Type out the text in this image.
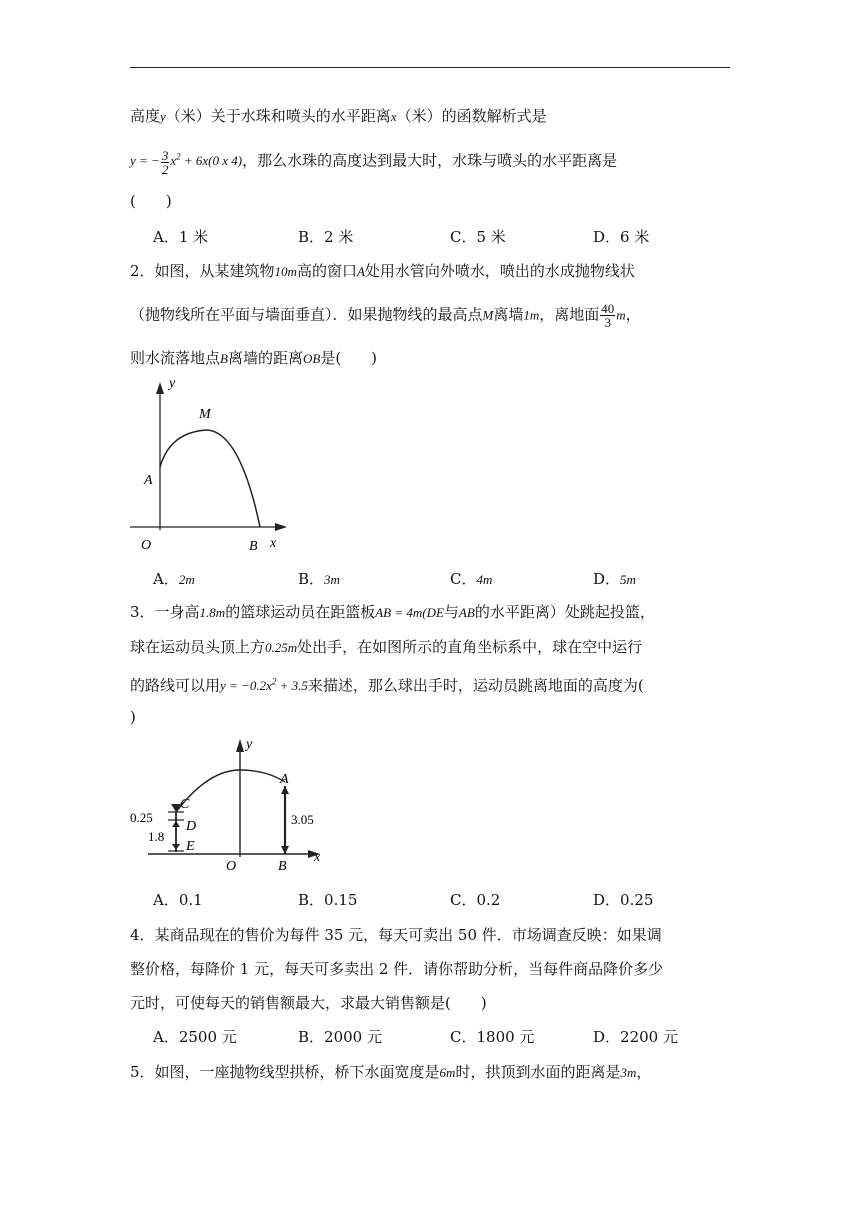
高度y（米）关于水珠和喷头的水平距离x（米）的函数解析式是
y = − $\frac{3}{2} x^2 + 6x(0$ x 4)，那么水珠的高度达到最大时，水珠与喷头的水平距离是
(　　)
A．1 米	B．2 米	C．5 米	D．6 米
2．如图，从某建筑物10m高的窗口A处用水管向外喷水，喷出的水成抛物线状
（抛物线所在平面与墙面垂直）．如果抛物线的最高点M离墙1m，离地面 $\frac{40}{3}$ m，
则水流落地点B离墙的距离OB是(　　)
y
M
A
O	B x
A．2m	B．3m	C．4m	D．5m
3．一身高1.8m的篮球运动员在距篮板AB = 4m(DE与AB的水平距离）处跳起投篮，
球在运动员头顶上方0.25m处出手，在如图所示的直角坐标系中，球在空中运行
的路线可以用$y = -0.2x^2 + 3.5$来描述，那么球出手时，运动员跳离地面的高度为(
)
y
A
C
0.25
D
1.8
E
3.05
O	B
x
A．0.1	B．0.15	C．0.2	D．0.25
4．某商品现在的售价为每件 35 元，每天可卖出 50 件．市场调查反映：如果调
整价格，每降价 1 元，每天可多卖出 2 件．请你帮助分析，当每件商品降价多少
元时，可使每天的销售额最大，求最大销售额是(　　)
A．2500 元	B．2000 元	C．1800 元	D．2200 元
5．如图，一座抛物线型拱桥，桥下水面宽度是6m时，拱顶到水面的距离是3m，
